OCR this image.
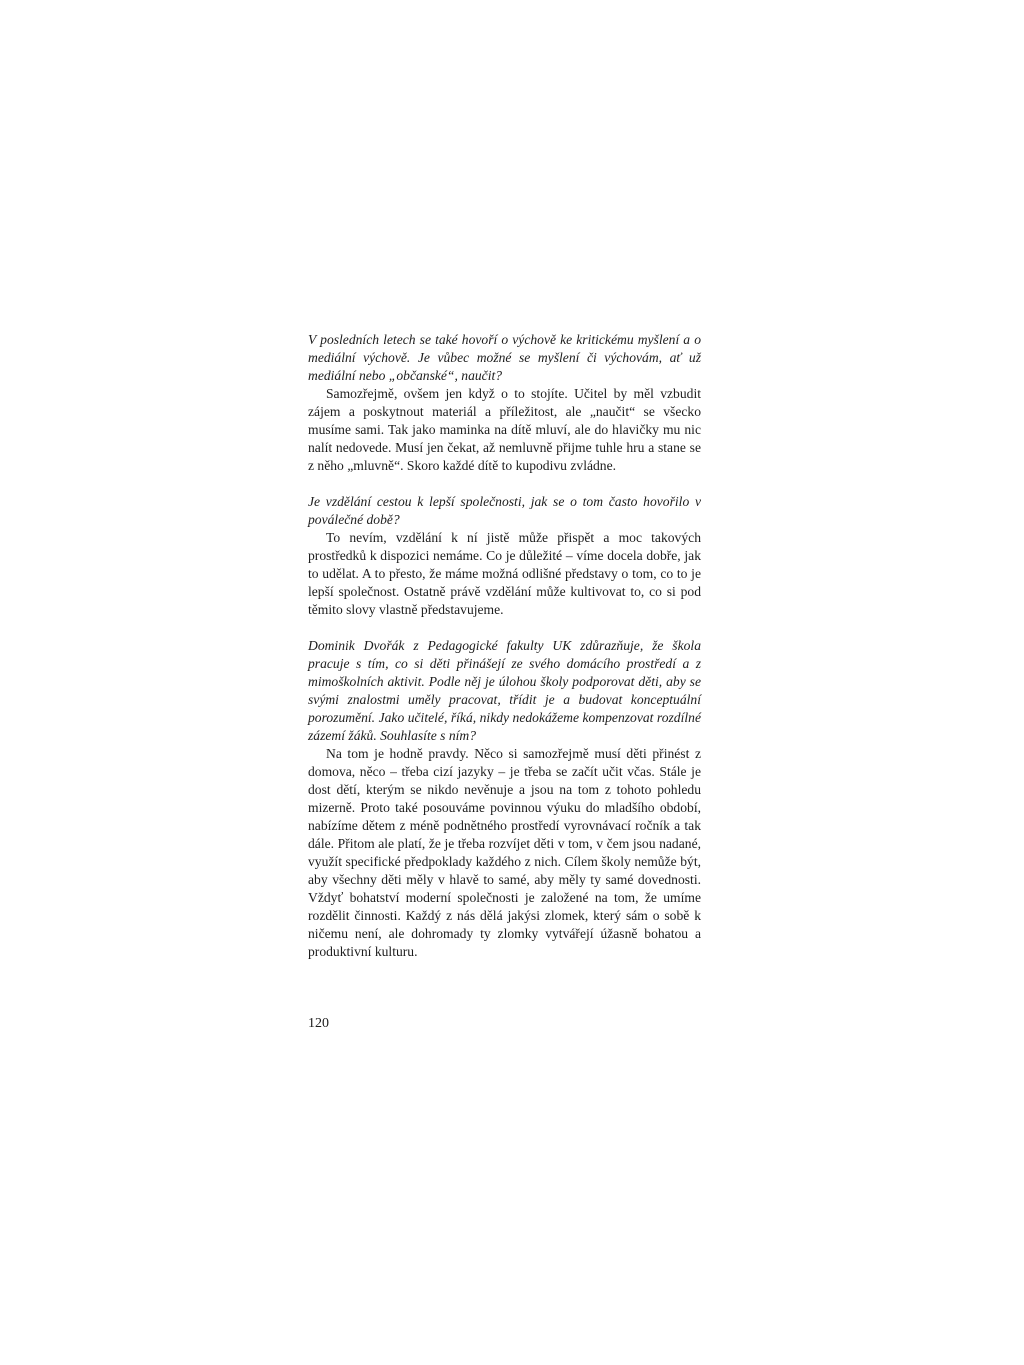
V posledních letech se také hovoří o výchově ke kritickému myšlení a o mediální výchově. Je vůbec možné se myšlení či výchovám, ať už mediální nebo „občanské“, naučit?

Samozřejmě, ovšem jen když o to stojíte. Učitel by měl vzbudit zájem a poskytnout materiál a příležitost, ale „naučit“ se všecko musíme sami. Tak jako maminka na dítě mluví, ale do hlavičky mu nic nalít nedovede. Musí jen čekat, až nemluvně přijme tuhle hru a stane se z něho „mluvně“. Skoro každé dítě to kupodivu zvládne.

Je vzdělání cestou k lepší společnosti, jak se o tom často hovořilo v poválečné době?

To nevím, vzdělání k ní jistě může přispět a moc takových prostředků k dispozici nemáme. Co je důležité – víme docela dobře, jak to udělat. A to přesto, že máme možná odlišné představy o tom, co to je lepší společnost. Ostatně právě vzdělání může kultivovat to, co si pod těmito slovy vlastně představujeme.

Dominik Dvořák z Pedagogické fakulty UK zdůrazňuje, že škola pracuje s tím, co si děti přinášejí ze svého domácího prostředí a z mimoškolních aktivit. Podle něj je úlohou školy podporovat děti, aby se svými znalostmi uměly pracovat, třídit je a budovat konceptuální porozumění. Jako učitelé, říká, nikdy nedokážeme kompenzovat rozdílné zázemí žáků. Souhlasíte s ním?

Na tom je hodně pravdy. Něco si samozřejmě musí děti přinést z domova, něco – třeba cizí jazyky – je třeba se začít učit včas. Stále je dost dětí, kterým se nikdo nevěnuje a jsou na tom z tohoto pohledu mizerně. Proto také posouváme povinnou výuku do mladšího období, nabízíme dětem z méně podnětného prostředí vyrovnávací ročník a tak dále. Přitom ale platí, že je třeba rozvíjet děti v tom, v čem jsou nadané, využít specifické předpoklady každého z nich. Cílem školy nemůže být, aby všechny děti měly v hlavě to samé, aby měly ty samé dovednosti. Vždyť bohatství moderní společnosti je založené na tom, že umíme rozdělit činnosti. Každý z nás dělá jakýsi zlomek, který sám o sobě k ničemu není, ale dohromady ty zlomky vytvářejí úžasně bohatou a produktivní kulturu.

120
